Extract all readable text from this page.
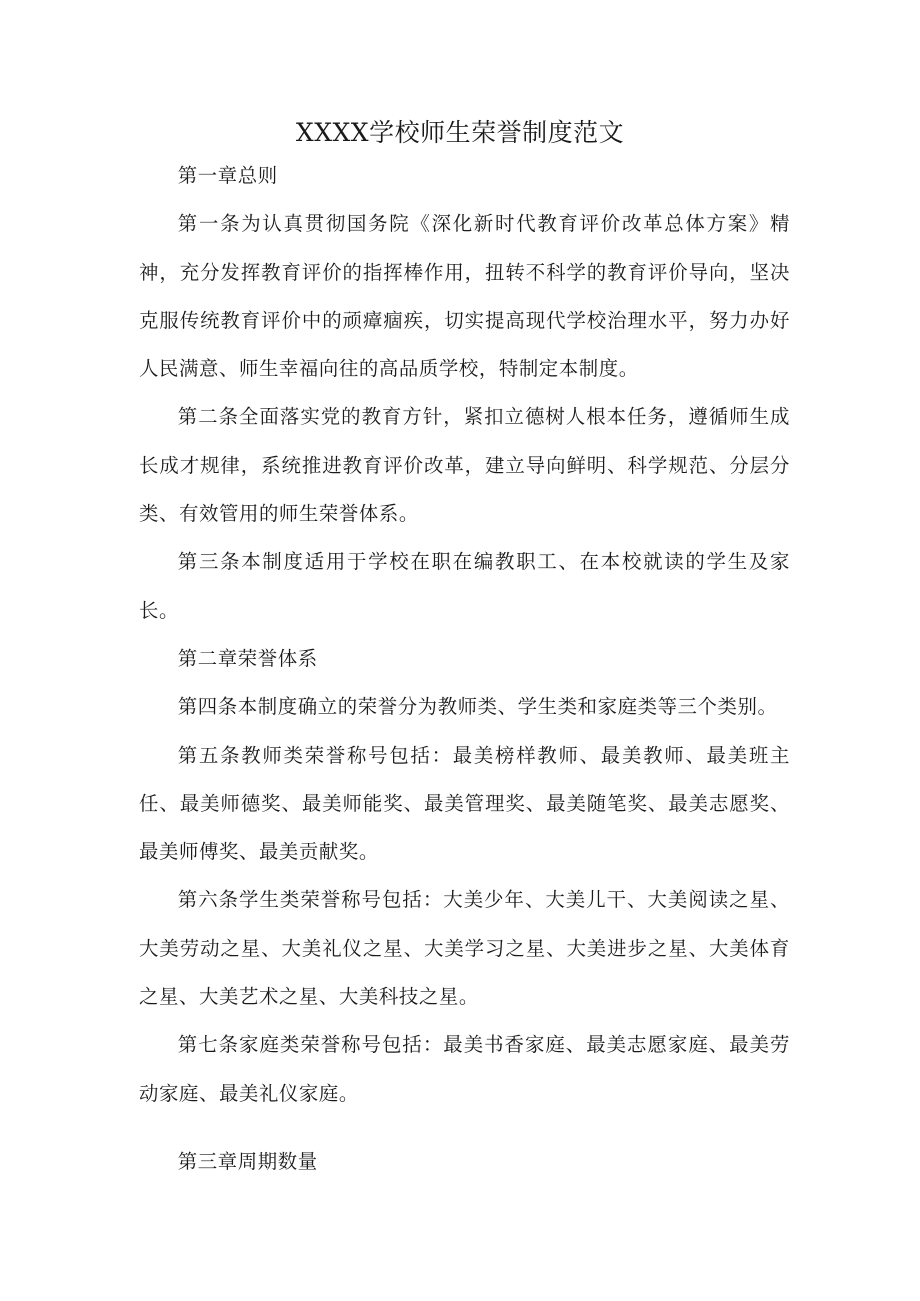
XXXX学校师生荣誉制度范文

第一章总则

第一条为认真贯彻国务院《深化新时代教育评价改革总体方案》精神，充分发挥教育评价的指挥棒作用，扭转不科学的教育评价导向，坚决克服传统教育评价中的顽瘴痼疾，切实提高现代学校治理水平，努力办好人民满意、师生幸福向往的高品质学校，特制定本制度。

第二条全面落实党的教育方针，紧扣立德树人根本任务，遵循师生成长成才规律，系统推进教育评价改革，建立导向鲜明、科学规范、分层分类、有效管用的师生荣誉体系。

第三条本制度适用于学校在职在编教职工、在本校就读的学生及家长。

第二章荣誉体系

第四条本制度确立的荣誉分为教师类、学生类和家庭类等三个类别。

第五条教师类荣誉称号包括：最美榜样教师、最美教师、最美班主任、最美师德奖、最美师能奖、最美管理奖、最美随笔奖、最美志愿奖、最美师傅奖、最美贡献奖。

第六条学生类荣誉称号包括：大美少年、大美儿干、大美阅读之星、大美劳动之星、大美礼仪之星、大美学习之星、大美进步之星、大美体育之星、大美艺术之星、大美科技之星。

第七条家庭类荣誉称号包括：最美书香家庭、最美志愿家庭、最美劳动家庭、最美礼仪家庭。

第三章周期数量
